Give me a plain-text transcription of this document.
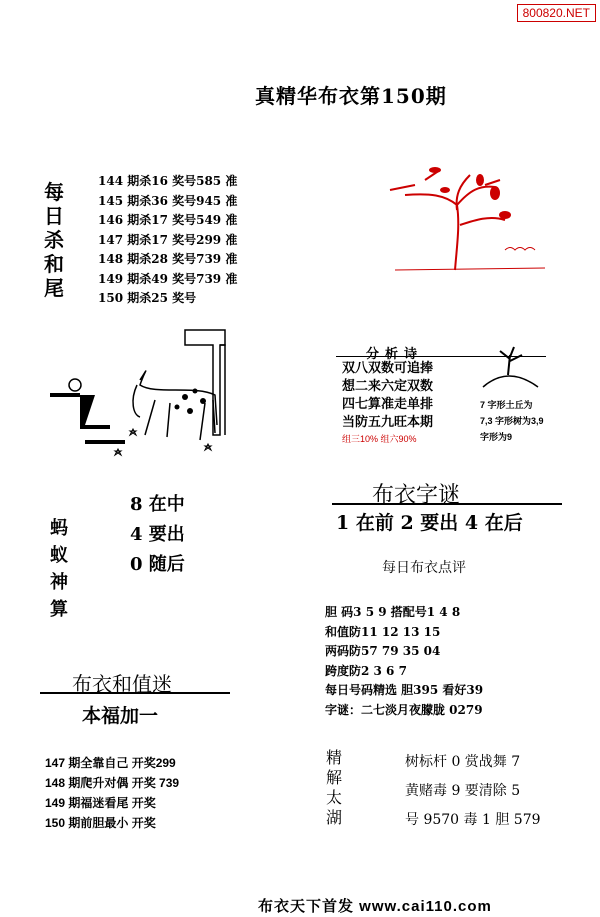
800820.NET
真精华布衣第150期
每日杀和尾
144 期杀16 奖号585 准
145 期杀36 奖号945 准
146 期杀17 奖号549 准
147 期杀17 奖号299 准
148 期杀28 奖号739 准
149 期杀49 奖号739 准
150 期杀25 奖号
分析诗
双八双数可追捧
想二来六定双数
四七算准走单排
当防五九旺本期
组三10% 组六90%
7 字形土丘为
7,3 字形树为3,9
字形为9
蚂蚁神算
8 在中
4 要出
0 随后
布衣字谜
1 在前 2 要出 4 在后
每日布衣点评
胆 码3 5 9 搭配号1 4 8
和值防11 12 13 15
两码防57 79 35 04
跨度防2 3 6 7
每日号码精选 胆395 看好39
字谜：二七淡月夜朦胧 0279
布衣和值迷
本福加一
147 期全靠自己 开奖299
148 期爬升对偶 开奖 739
149 期福迷看尾 开奖
150 期前胆最小 开奖
精解太湖
树标杆 0 赏战舞 7
黄赌毒 9 要清除 5
号 9570 毒 1 胆 579
布衣天下首发 www.cai110.com
